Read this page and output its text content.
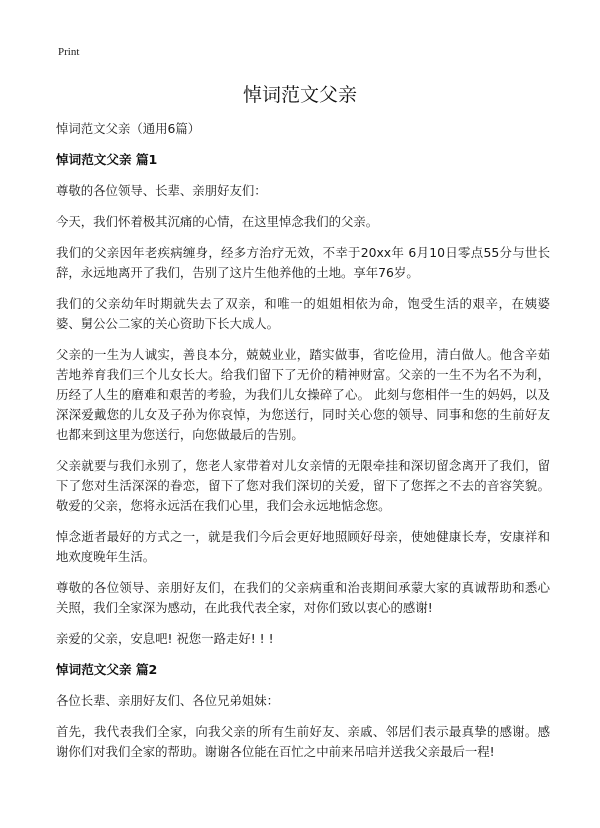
Print
悼词范文父亲

悼词范文父亲（通用6篇）

悼词范文父亲 篇1

尊敬的各位领导、长辈、亲朋好友们：

今天，我们怀着极其沉痛的心情，在这里悼念我们的父亲。

我们的父亲因年老疾病缠身，经多方治疗无效，不幸于20xx年 6月10日零点55分与世长辞，永远地离开了我们，告别了这片生他养他的土地。享年76岁。

我们的父亲幼年时期就失去了双亲，和唯一的姐姐相依为命，饱受生活的艰辛，在姨婆婆、舅公公二家的关心资助下长大成人。

父亲的一生为人诚实，善良本分，兢兢业业，踏实做事，省吃俭用，清白做人。他含辛茹苦地养育我们三个儿女长大。给我们留下了无价的精神财富。父亲的一生不为名不为利，历经了人生的磨难和艰苦的考验，为我们儿女操碎了心。 此刻与您相伴一生的妈妈，以及深深爱戴您的儿女及子孙为你哀悼，为您送行，同时关心您的领导、同事和您的生前好友也都来到这里为您送行，向您做最后的告别。

父亲就要与我们永别了，您老人家带着对儿女亲情的无限牵挂和深切留念离开了我们，留下了您对生活深深的眷恋，留下了您对我们深切的关爱，留下了您挥之不去的音容笑貌。敬爱的父亲，您将永远活在我们心里，我们会永远地惦念您。

悼念逝者最好的方式之一，就是我们今后会更好地照顾好母亲，使她健康长寿，安康祥和地欢度晚年生活。

尊敬的各位领导、亲朋好友们，在我们的父亲病重和治丧期间承蒙大家的真诚帮助和悉心关照，我们全家深为感动，在此我代表全家，对你们致以衷心的感谢!

亲爱的父亲，安息吧! 祝您一路走好! ! !

悼词范文父亲 篇2

各位长辈、亲朋好友们、各位兄弟姐妹：

首先，我代表我们全家，向我父亲的所有生前好友、亲戚、邻居们表示最真挚的感谢。感谢你们对我们全家的帮助。谢谢各位能在百忙之中前来吊唁并送我父亲最后一程!
